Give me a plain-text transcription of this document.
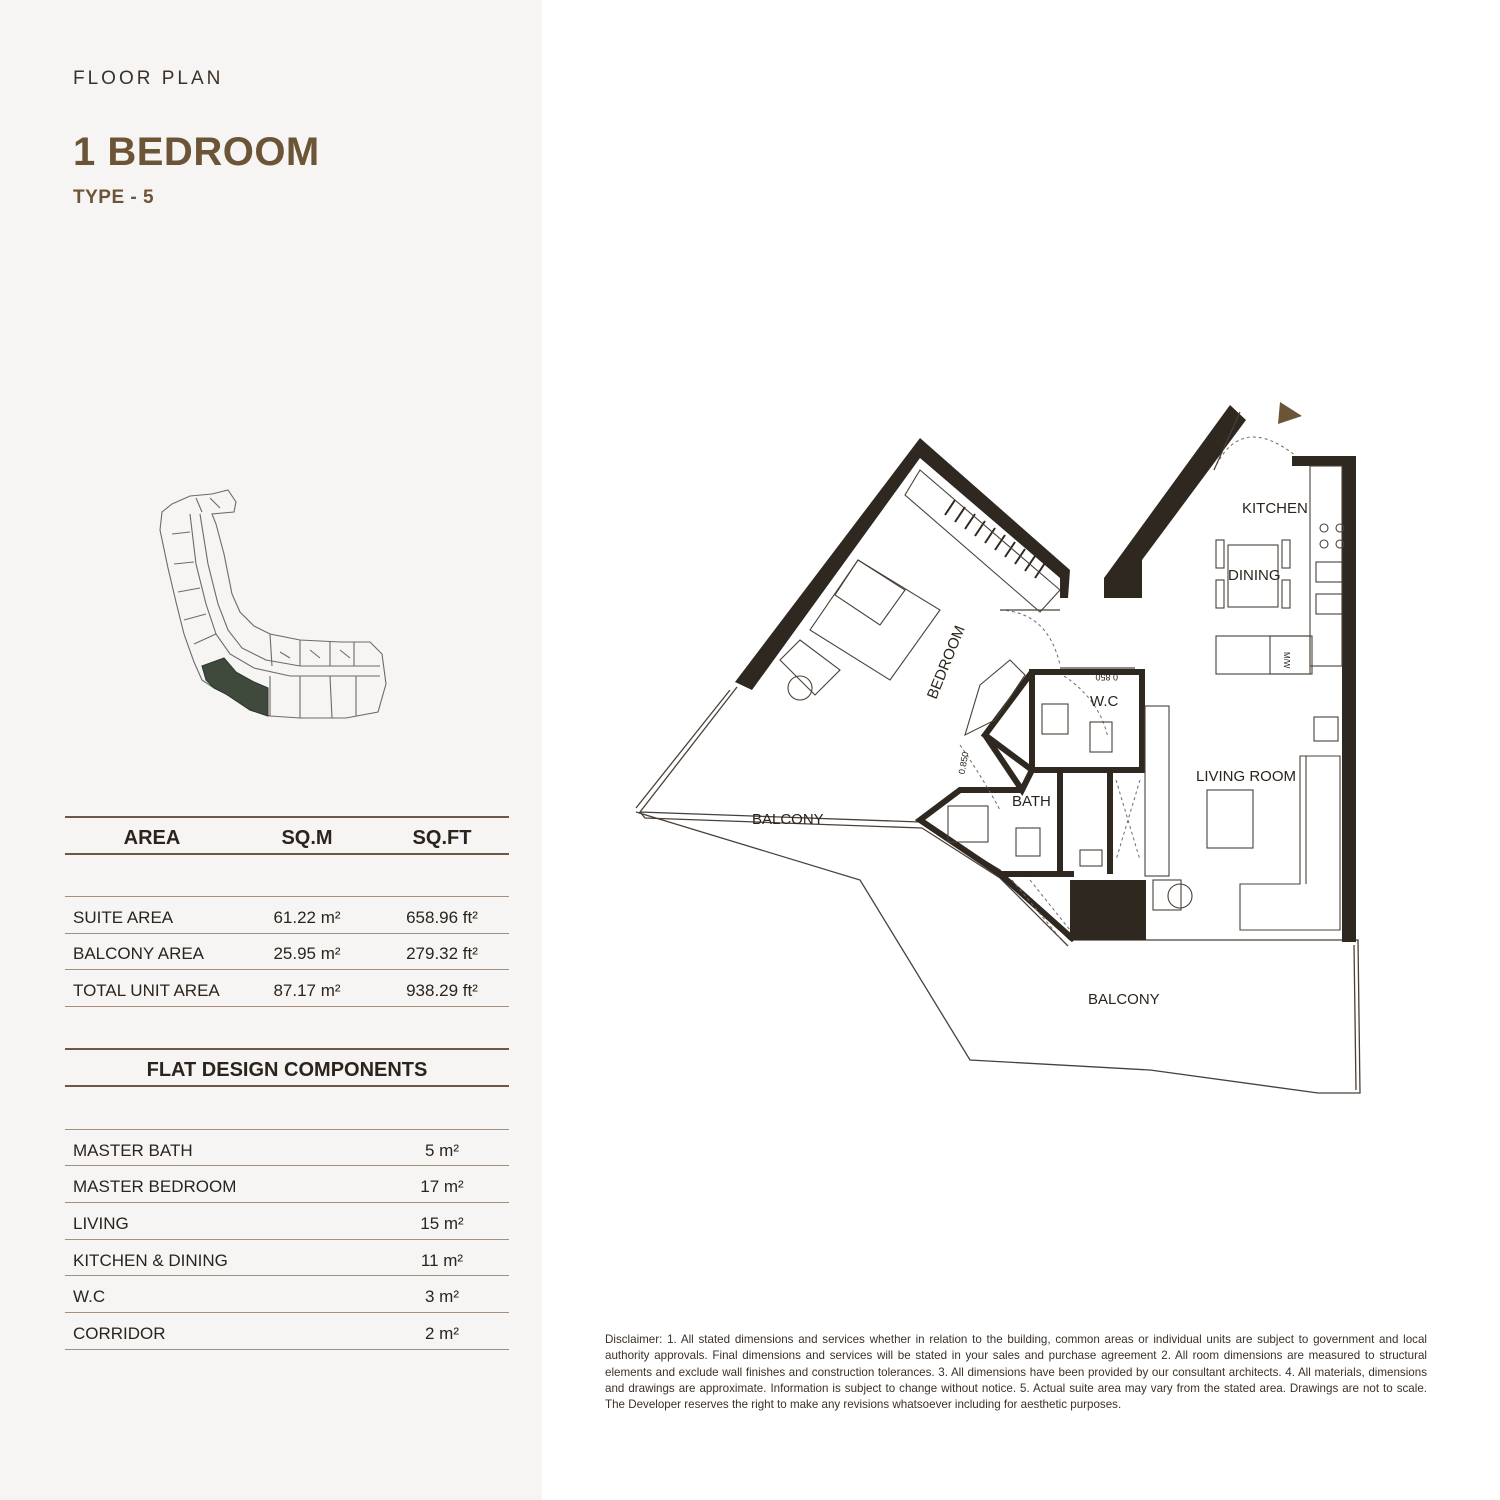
FLOOR PLAN
1 BEDROOM
TYPE - 5
AREA	SQ.M	SQ.FT
SUITE AREA	61.22 m²	658.96 ft²
BALCONY AREA	25.95 m²	279.32 ft²
TOTAL UNIT AREA	87.17 m²	938.29 ft²
FLAT DESIGN COMPONENTS
MASTER BATH	5 m²
MASTER BEDROOM	17 m²
LIVING	15 m²
KITCHEN & DINING	11 m²
W.C	3 m²
CORRIDOR	2 m²
KITCHEN
DINING
BEDROOM
W.C
BATH
LIVING ROOM
BALCONY
BALCONY
0.850
0.850
M/W
Disclaimer: 1. All stated dimensions and services whether in relation to the building, common areas or individual units are subject to government and local authority approvals. Final dimensions and services will be stated in your sales and purchase agreement 2. All room dimensions are measured to structural elements and exclude wall finishes and construction tolerances. 3. All dimensions have been provided by our consultant architects. 4. All materials, dimensions and drawings are approximate. Information is subject to change without notice. 5. Actual suite area may vary from the stated area. Drawings are not to scale. The Developer reserves the right to make any revisions whatsoever including for aesthetic purposes.
